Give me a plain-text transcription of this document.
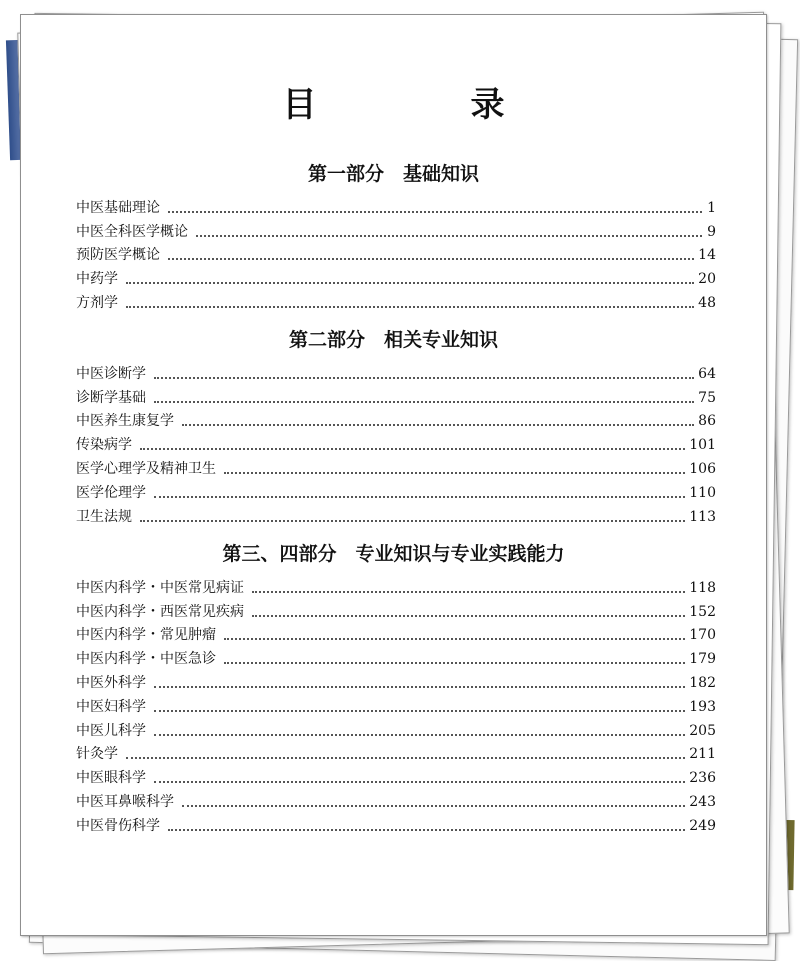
目　录
第一部分　基础知识
中医基础理论	1
中医全科医学概论	9
预防医学概论	14
中药学	20
方剂学	48
第二部分　相关专业知识
中医诊断学	64
诊断学基础	75
中医养生康复学	86
传染病学	101
医学心理学及精神卫生	106
医学伦理学	110
卫生法规	113
第三、四部分　专业知识与专业实践能力
中医内科学・中医常见病证	118
中医内科学・西医常见疾病	152
中医内科学・常见肿瘤	170
中医内科学・中医急诊	179
中医外科学	182
中医妇科学	193
中医儿科学	205
针灸学	211
中医眼科学	236
中医耳鼻喉科学	243
中医骨伤科学	249
